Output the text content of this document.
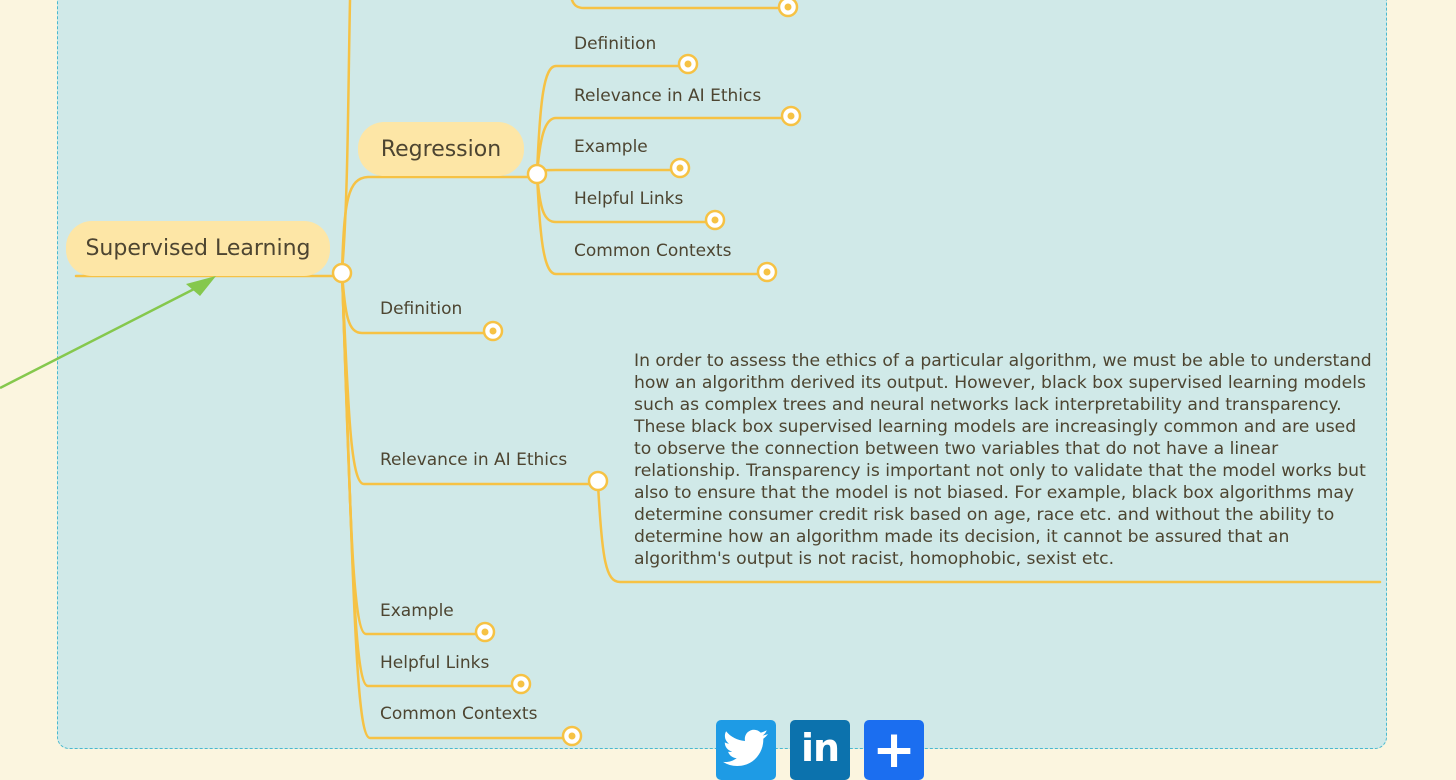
Supervised Learning
Regression
Definition
Relevance in AI Ethics
Example
Helpful Links
Common Contexts
Definition
Relevance in AI Ethics
Example
Helpful Links
Common Contexts
In order to assess the ethics of a particular algorithm, we must be able to understand how an algorithm derived its output. However, black box supervised learning models such as complex trees and neural networks lack interpretability and transparency. These black box supervised learning models are increasingly common and are used to observe the connection between two variables that do not have a linear relationship. Transparency is important not only to validate that the model works but also to ensure that the model is not biased. For example, black box algorithms may determine consumer credit risk based on age, race etc. and without the ability to determine how an algorithm made its decision, it cannot be assured that an algorithm's output is not racist, homophobic, sexist etc.
in +
